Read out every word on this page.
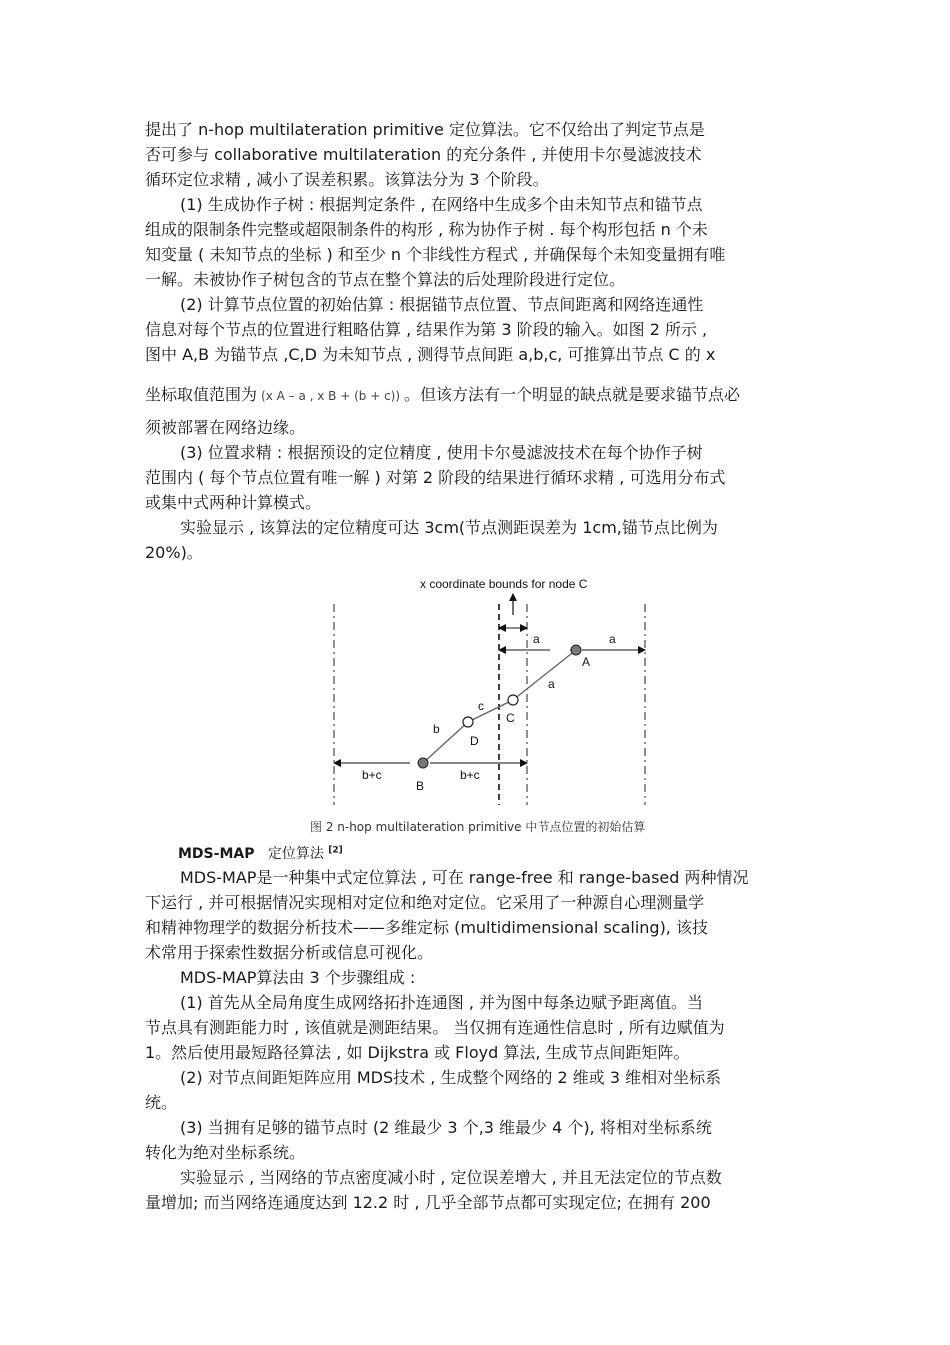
提出了 n-hop multilateration primitive 定位算法。它不仅给出了判定节点是
否可参与 collaborative multilateration 的充分条件 , 并使用卡尔曼滤波技术
循环定位求精 , 减小了误差积累。该算法分为 3 个阶段。
(1) 生成协作子树 : 根据判定条件 , 在网络中生成多个由未知节点和锚节点
组成的限制条件完整或超限制条件的构形 , 称为协作子树 . 每个构形包括 n 个未
知变量 ( 未知节点的坐标 ) 和至少 n 个非线性方程式 , 并确保每个未知变量拥有唯
一解。未被协作子树包含的节点在整个算法的后处理阶段进行定位。
(2) 计算节点位置的初始估算 : 根据锚节点位置、节点间距离和网络连通性
信息对每个节点的位置进行粗略估算 , 结果作为第 3 阶段的输入。如图 2 所示 ,
图中 A,B 为锚节点 ,C,D 为未知节点 , 测得节点间距 a,b,c, 可推算出节点 C 的 x
坐标取值范围为 (x A – a , x B + (b + c)) 。但该方法有一个明显的缺点就是要求锚节点必
须被部署在网络边缘。
(3) 位置求精 : 根据预设的定位精度 , 使用卡尔曼滤波技术在每个协作子树
范围内 ( 每个节点位置有唯一解 ) 对第 2 阶段的结果进行循环求精 , 可选用分布式
或集中式两种计算模式。
实验显示 , 该算法的定位精度可达 3cm(节点测距误差为 1cm,锚节点比例为
20%)。
x coordinate bounds for node C
a	a
b+c	b+c
b
c
a
A
B
C
D
图 2 n-hop multilateration primitive 中节点位置的初始估算
MDS-MAP 定位算法 [2]
MDS-MAP是一种集中式定位算法 , 可在 range-free 和 range-based 两种情况
下运行 , 并可根据情况实现相对定位和绝对定位。它采用了一种源自心理测量学
和精神物理学的数据分析技术——多维定标 (multidimensional scaling), 该技
术常用于探索性数据分析或信息可视化。
MDS-MAP算法由 3 个步骤组成 :
(1) 首先从全局角度生成网络拓扑连通图 , 并为图中每条边赋予距离值。当
节点具有测距能力时 , 该值就是测距结果。 当仅拥有连通性信息时 , 所有边赋值为
1。然后使用最短路径算法 , 如 Dijkstra 或 Floyd 算法, 生成节点间距矩阵。
(2) 对节点间距矩阵应用 MDS技术 , 生成整个网络的 2 维或 3 维相对坐标系
统。
(3) 当拥有足够的锚节点时 (2 维最少 3 个,3 维最少 4 个), 将相对坐标系统
转化为绝对坐标系统。
实验显示 , 当网络的节点密度减小时 , 定位误差增大 , 并且无法定位的节点数
量增加; 而当网络连通度达到 12.2 时 , 几乎全部节点都可实现定位; 在拥有 200
